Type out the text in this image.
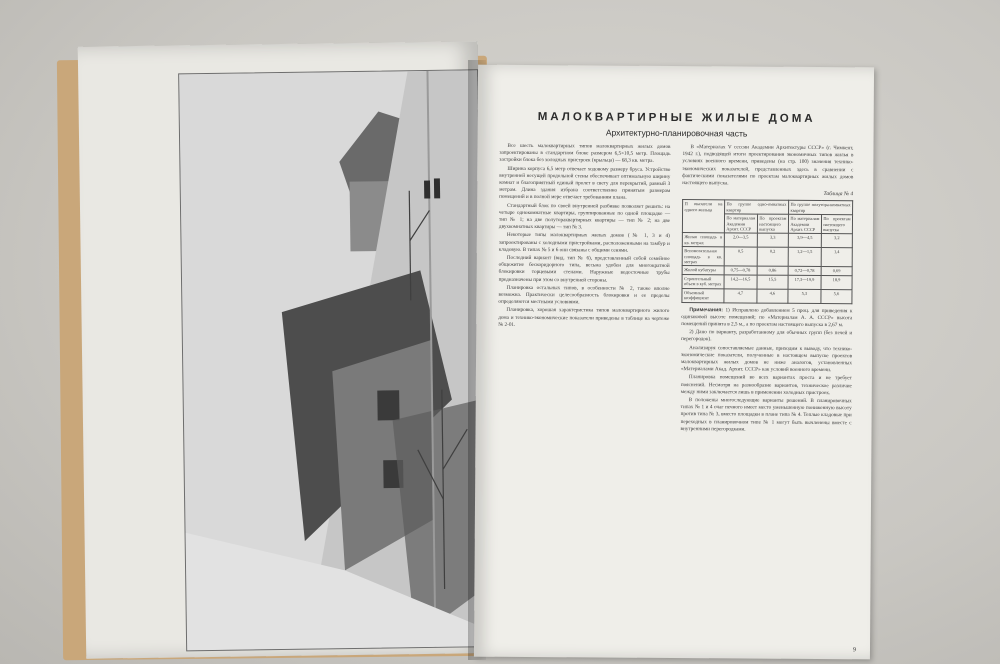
МАЛОКВАРТИРНЫЕ ЖИЛЫЕ ДОМА
Архитектурно-планировочная часть

Все шесть малоквартирных типов малоквартирных жилых домов запроектированы в стандартном блоке размером 6,5×10,5 метр. Площадь застройки блока без холодных пристроек (крыльца) — 68,3 кв. метра.

Ширина корпуса 6,5 метр отвечает ходовому размеру бруса. Устройство внутренней несущей продольной стены обеспечивает оптимальную ширину комнат и благоприятный единый пролет в свету для перекрытий, равный 3 метрам. Длина здания избрана соответственно принятым размерам помещений и в полной мере отвечает требованиям плана.

Стандартный блок по своей внутренней разбивке позволяет решить: на четыре однокомнатные квартиры, группированные по одной площадке — тип № 1; на две полутораквартирных квартиры — тип № 2; на две двухкомнатных квартиры — тип № 3.

Некоторые типы малоквартирных жилых домов (№ 1, 3 и 4) запроектированы с холодными пристройками, расположенными на тамбур и кладовую. В типах № 5 и 6 они связаны с общими сенями.

Последний вариант (вид. тип № 6), представленный собой семейное общежитие бескоридорного типа, весьма удобен для многократной блокировки торцевыми стенами. Наружные водосточные трубы предназначены при этом со внутренней стороны.

Планировка остальных типов, в особенности № 2, также вполне возможна. Практически целесообразность блокировки и ее пределы определяются местными условиями.

Планировка, хорошая характеристика типов малоквартирного жилого дома и технико-экономические показатели приведены в таблице на чертеже № 2-01.

В «Материалах V сессии Академии Архитектуры СССР» (г. Чимкент, 1942 г.), подводящей итоги проектирования экономичных типов жилья в условиях военного времени, приведены (на стр. 100) значения технико-экономических показателей, представленных здесь в сравнении с фактическими показателями по проектам малоквартирных жилых домов настоящего выпуска.

Таблица № 4
П оказатели на одного жильца	По группе одно-омнатных квартир		По группе полутора-комнатных квартир	
	По материалам Академии Архит. СССР	По проектам настоящего выпуска	По материалам Академии Архит. СССР	По проектам настоящего выпуска
Жилая площадь в кв. метрах	2,0—3,5	3,3	3,9—4,5	3,2
Вспомогательная площадь в кв. метрах	0,5	0,2	1,2—1,5	1,4
Жилой кубатуры	0,75—0,78	0,86	0,72—0,78	0,69
Строительный объем в куб. метрах	14,2—16,5	15,5	17,3—19,9	18,9
Объемный коэффициент	4,7	4,6	5,3	5,6

Примечания: 1) Исправлено добавлением 5 проц. для приведения к одинаковой высоте помещений; по «Материалам А. А. СССР» высота помещений принята в 2,5 м., а по проектам настоящего выпуска в 2,67 м.

2) Дано по варианту, разработанному для обычных групп (без печей и перегородок).

Анализируя сопоставляемые данные, приходим к выводу, что технико-экономические показатели, полученные в настоящем выпуске проектов малоквартирных жилых домов не ниже аналогов, установленных «Материалами Акад. Архит. СССР» как условий военного времени.

Планировка помещений во всех вариантах проста и не требует пояснений. Несмотря на разнообразие вариантов, техническое различие между ними заключается лишь в применении холодных пристроек.

В положены многоследующие варианты решений. В планировочных типах № 1 и 4 очаг печного имеет место уменьшенную пониженную высоту против типа № 3, вместо площадки в плане типа № 4. Теплые кладовые при переходных в планировочном типе № 1 могут быть вычленены вместе с внутренними перегородками.

9
